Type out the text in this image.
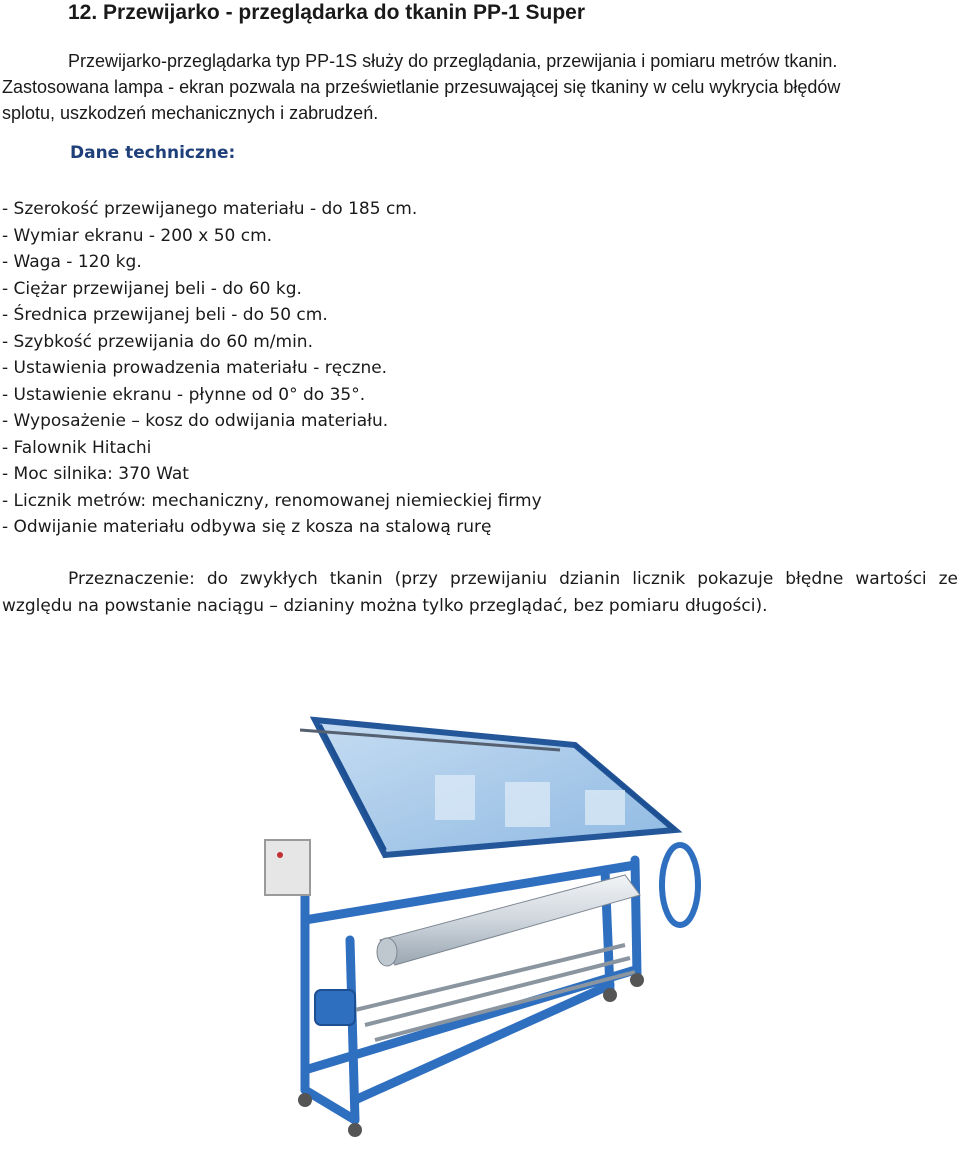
12. Przewijarko - przeglądarka do tkanin PP-1 Super
Przewijarko-przeglądarka typ PP-1S służy do przeglądania, przewijania i pomiaru metrów tkanin.
Zastosowana lampa - ekran pozwala na prześwietlanie przesuwającej się tkaniny w celu wykrycia błędów
splotu, uszkodzeń mechanicznych i zabrudzeń.
Dane techniczne:
- Szerokość przewijanego materiału - do 185 cm.
- Wymiar ekranu - 200 x 50 cm.
- Waga - 120 kg.
- Ciężar przewijanej beli - do 60 kg.
- Średnica przewijanej beli - do 50 cm.
- Szybkość przewijania do 60 m/min.
- Ustawienia prowadzenia materiału - ręczne.
- Ustawienie ekranu - płynne od 0° do 35°.
- Wyposażenie – kosz do odwijania materiału.
- Falownik Hitachi
- Moc silnika: 370 Wat
- Licznik metrów: mechaniczny, renomowanej niemieckiej firmy
- Odwijanie materiału odbywa się z kosza na stalową rurę
Przeznaczenie: do zwykłych tkanin (przy przewijaniu dzianin licznik pokazuje błędne wartości ze
względu na powstanie naciągu – dzianiny można tylko przeglądać, bez pomiaru długości).
